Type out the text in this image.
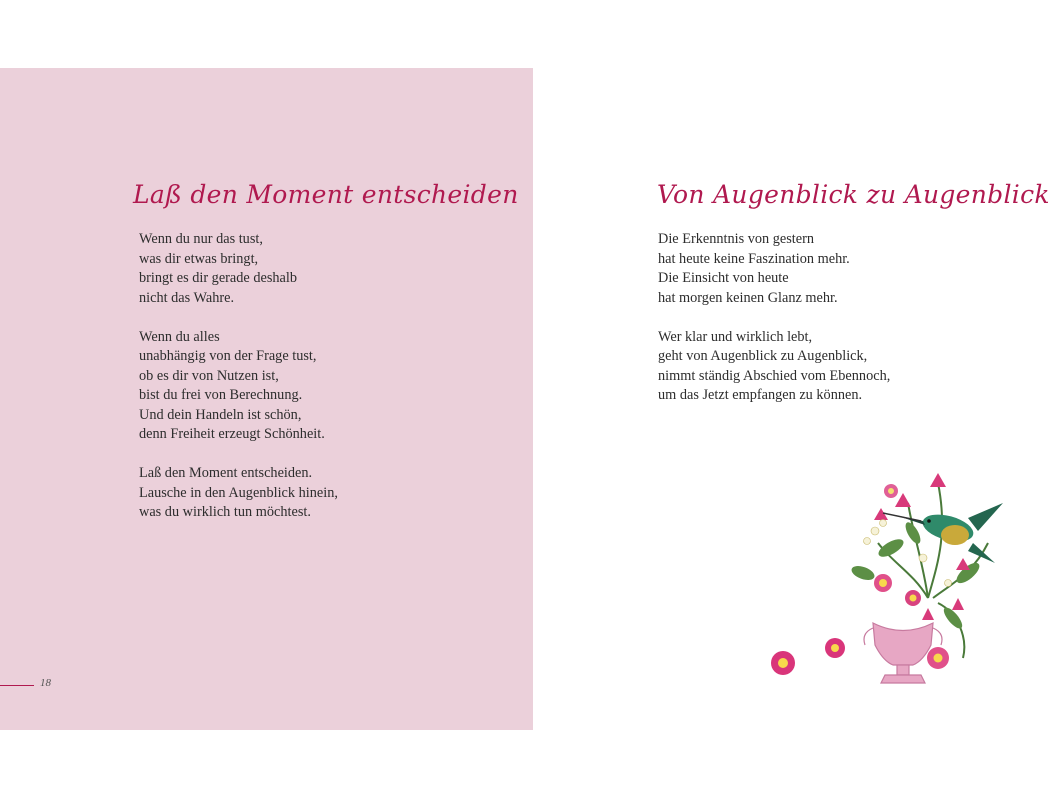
Laß den Moment entscheiden
Wenn du nur das tust,
was dir etwas bringt,
bringt es dir gerade deshalb
nicht das Wahre.
Wenn du alles
unabhängig von der Frage tust,
ob es dir von Nutzen ist,
bist du frei von Berechnung.
Und dein Handeln ist schön,
denn Freiheit erzeugt Schönheit.
Laß den Moment entscheiden.
Lausche in den Augenblick hinein,
was du wirklich tun möchtest.
18
Von Augenblick zu Augenblick
Die Erkenntnis von gestern
hat heute keine Faszination mehr.
Die Einsicht von heute
hat morgen keinen Glanz mehr.
Wer klar und wirklich lebt,
geht von Augenblick zu Augenblick,
nimmt ständig Abschied vom Ebennoch,
um das Jetzt empfangen zu können.
